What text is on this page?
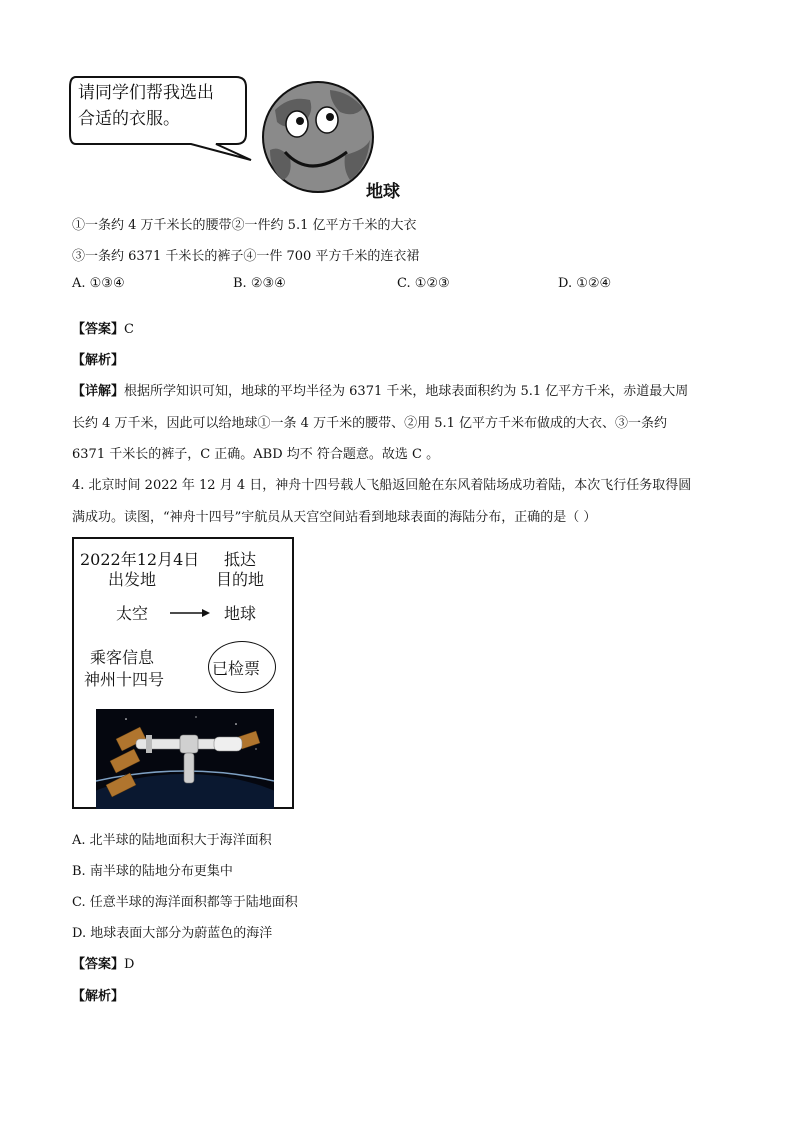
请同学们帮我选出
合适的衣服。
地球
①一条约 4 万千米长的腰带②一件约 5.1 亿平方千米的大衣
③一条约 6371 千米长的裤子④一件 700 平方千米的连衣裙
A. ①③④	B. ②③④	C. ①②③	D. ①②④
【答案】C
【解析】
【详解】根据所学知识可知，地球的平均半径为 6371 千米，地球表面积约为 5.1 亿平方千米，赤道最大周
长约 4 万千米，因此可以给地球①一条 4 万千米的腰带、②用 5.1 亿平方千米布做成的大衣、③一条约
6371 千米长的裤子，C 正确。ABD 均不 符合题意。故选 C 。
4. 北京时间 2022 年 12 月 4 日，神舟十四号载人飞船返回舱在东风着陆场成功着陆，本次飞行任务取得圆
满成功。读图，“神舟十四号”宇航员从天宫空间站看到地球表面的海陆分布，正确的是（ ）
2022年12月4日 抵达
出发地	目的地
太空	地球
乘客信息
神州十四号
已检票
A. 北半球的陆地面积大于海洋面积
B. 南半球的陆地分布更集中
C. 任意半球的海洋面积都等于陆地面积
D. 地球表面大部分为蔚蓝色的海洋
【答案】D
【解析】
